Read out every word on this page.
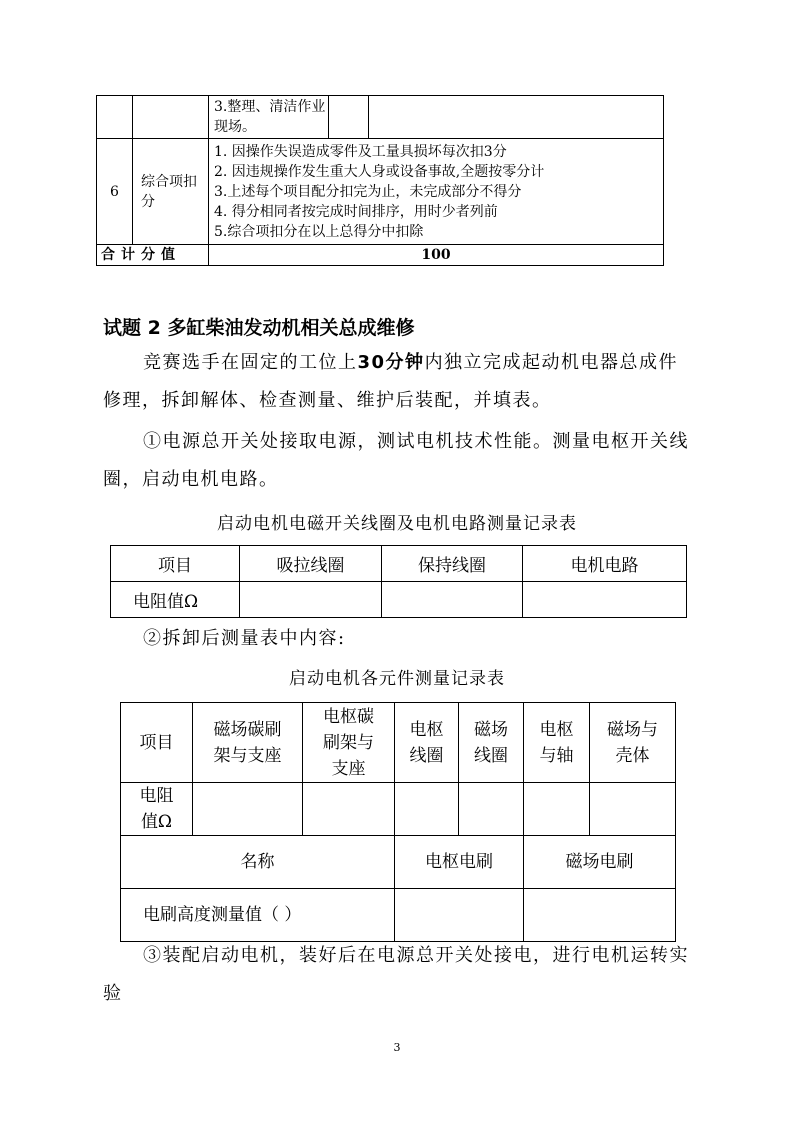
		3.整理、清洁作业现场。		
6	综合项扣分	1. 因操作失误造成零件及工量具损坏每次扣3分
2. 因违规操作发生重大人身或设备事故,全题按零分计
3.上述每个项目配分扣完为止，未完成部分不得分
4. 得分相同者按完成时间排序，用时少者列前
5.综合项扣分在以上总得分中扣除		

合计分值		100		
试题 2 多缸柴油发动机相关总成维修
竞赛选手在固定的工位上30分钟内独立完成起动机电器总成件修理，拆卸解体、检查测量、维护后装配，并填表。
①电源总开关处接取电源，测试电机技术性能。测量电枢开关线圈，启动电机电路。
启动电机电磁开关线圈及电机电路测量记录表
项目	吸拉线圈	保持线圈	电机电路
电阻值Ω			
②拆卸后测量表中内容:
启动电机各元件测量记录表
项目	磁场碳刷架与支座	电枢碳刷架与支座	电枢线圈	磁场线圈	电枢与轴	磁场与壳体

电阻值Ω						

名称			电枢电刷		磁场电刷	
电刷高度测量值（ ）						
③装配启动电机，装好后在电源总开关处接电，进行电机运转实验
3
